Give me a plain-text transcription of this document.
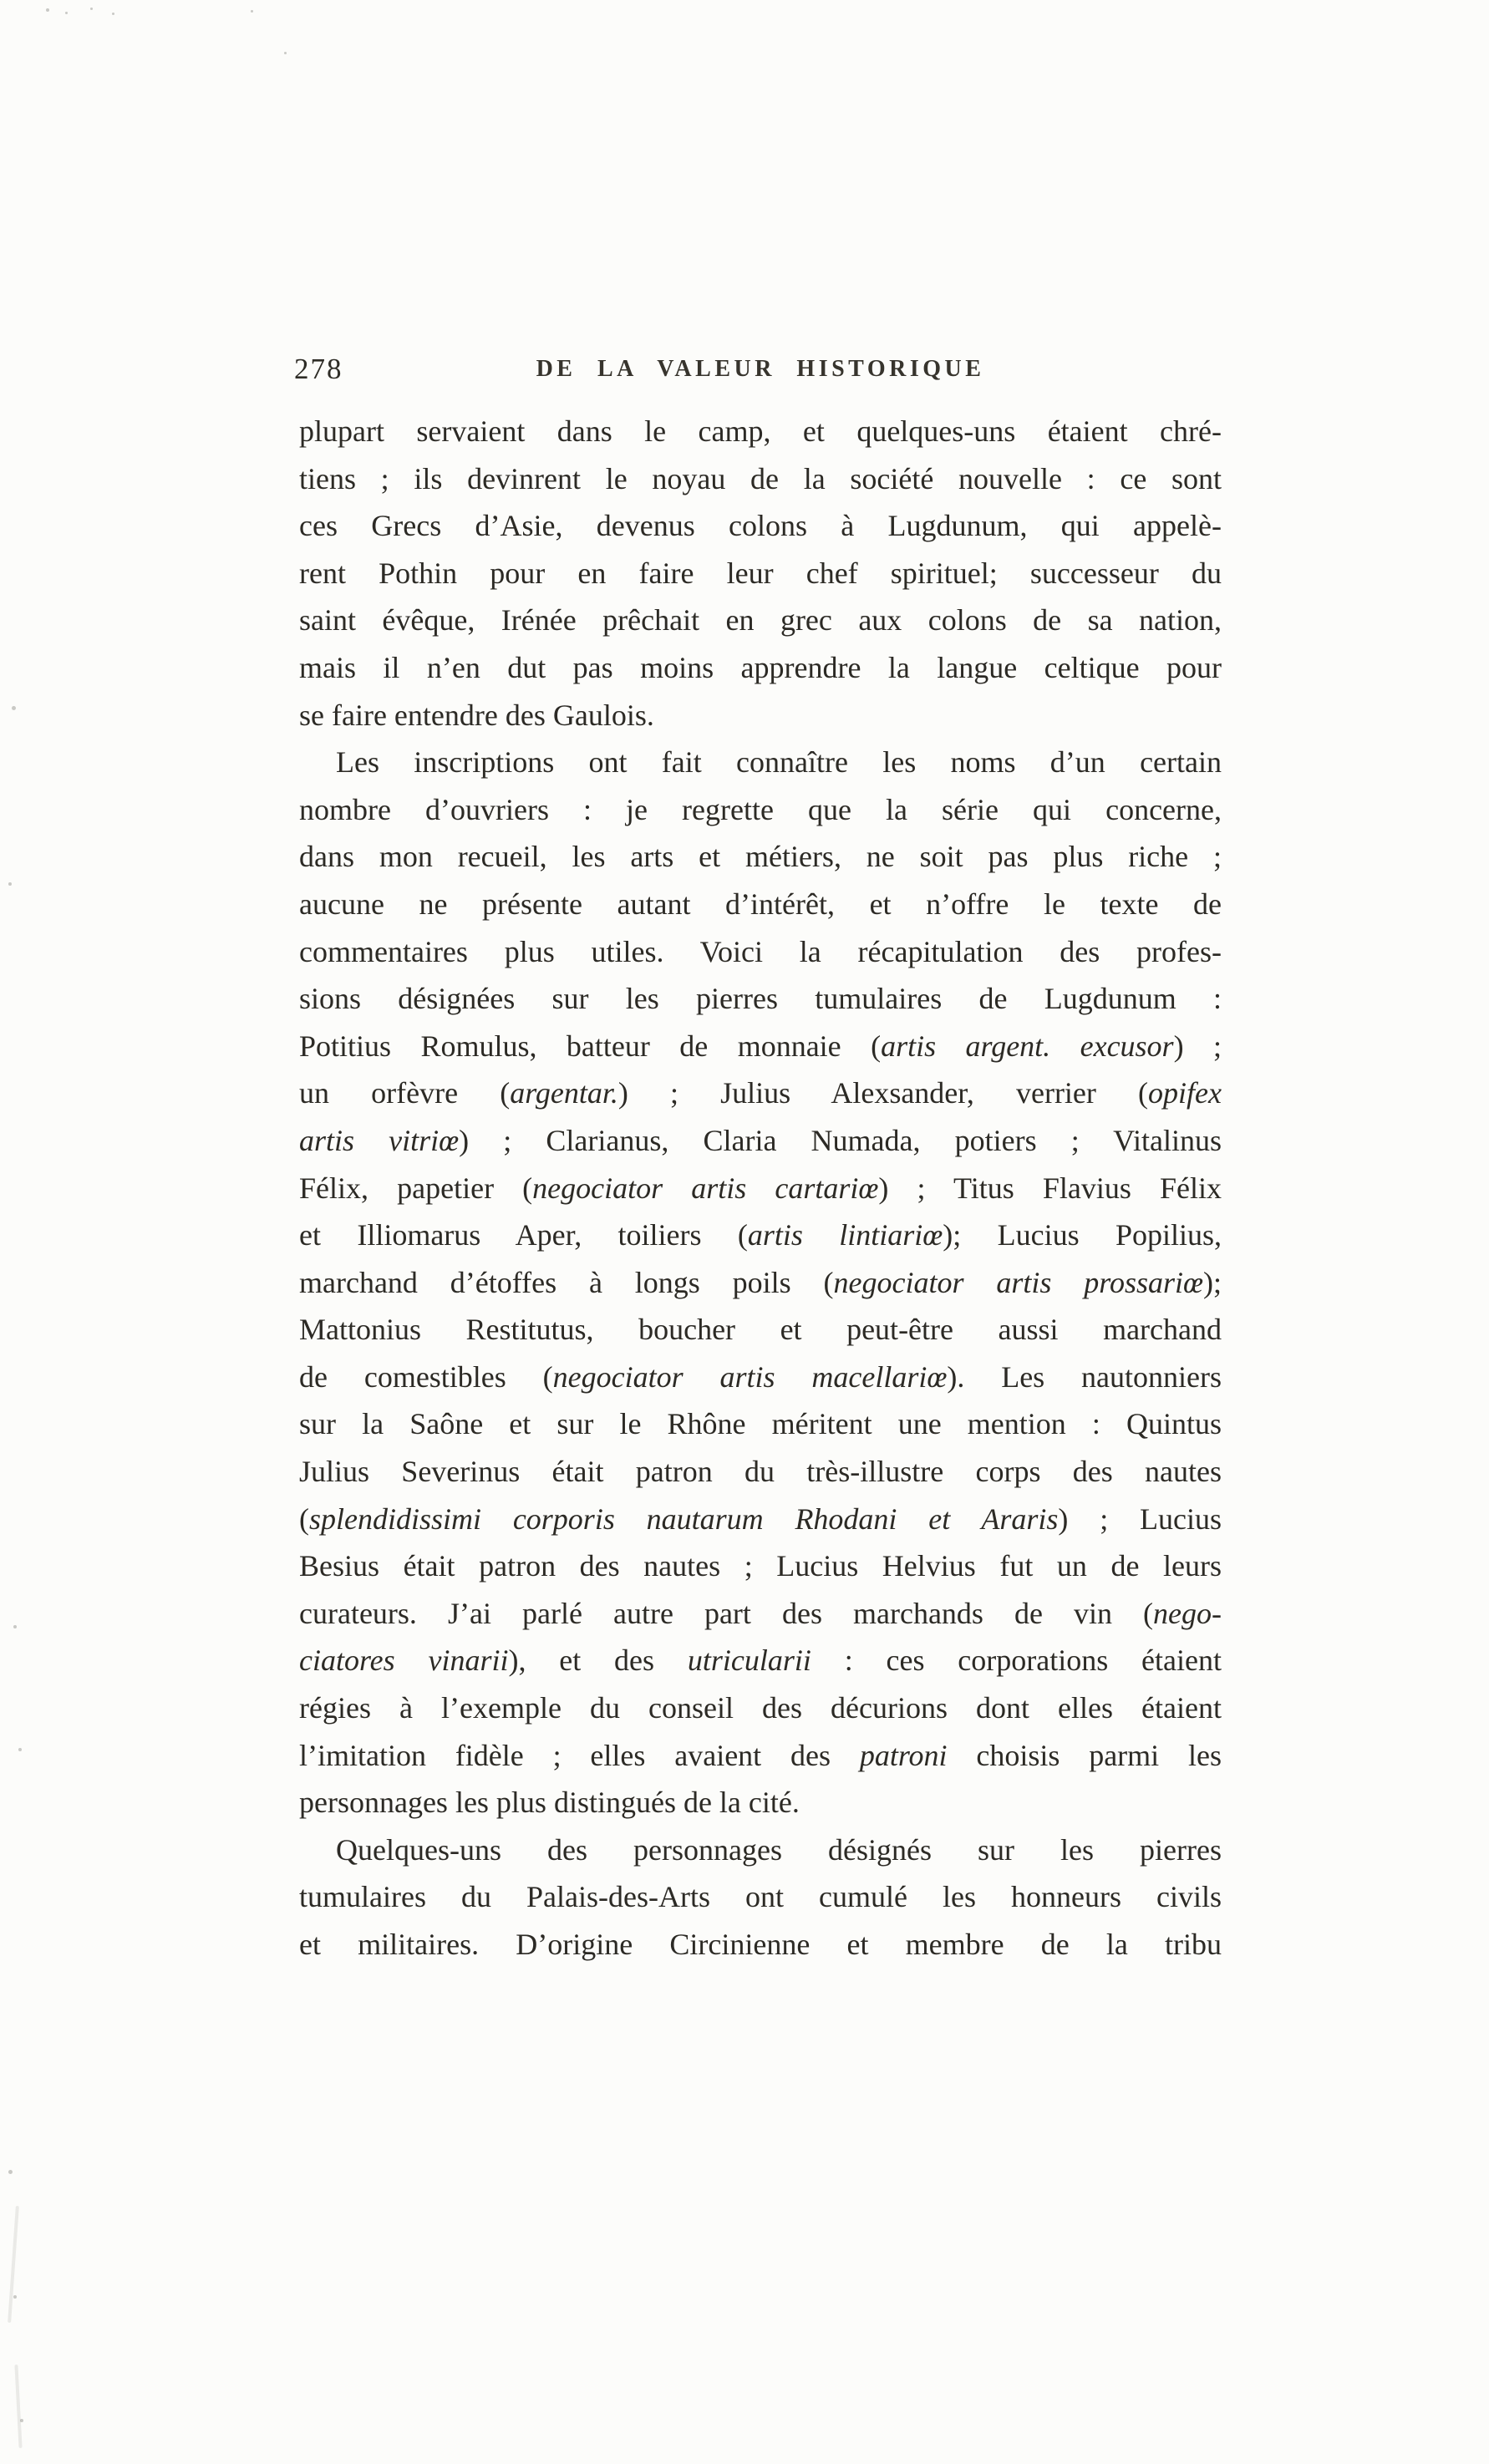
278	DE LA VALEUR HISTORIQUE
plupart servaient dans le camp, et quelques-uns étaient chré-
tiens ; ils devinrent le noyau de la société nouvelle : ce sont
ces Grecs d’Asie, devenus colons à Lugdunum, qui appelè-
rent Pothin pour en faire leur chef spirituel; successeur du
saint évêque, Irénée prêchait en grec aux colons de sa nation,
mais il n’en dut pas moins apprendre la langue celtique pour
se faire entendre des Gaulois.
Les inscriptions ont fait connaître les noms d’un certain
nombre d’ouvriers : je regrette que la série qui concerne,
dans mon recueil, les arts et métiers, ne soit pas plus riche ;
aucune ne présente autant d’intérêt, et n’offre le texte de
commentaires plus utiles. Voici la récapitulation des profes-
sions désignées sur les pierres tumulaires de Lugdunum :
Potitius Romulus, batteur de monnaie (artis argent. excusor) ;
un orfèvre (argentar.) ; Julius Alexsander, verrier (opifex
artis vitriœ) ; Clarianus, Claria Numada, potiers ; Vitalinus
Félix, papetier (negociator artis cartariœ) ; Titus Flavius Félix
et Illiomarus Aper, toiliers (artis lintiariœ); Lucius Popilius,
marchand d’étoffes à longs poils (negociator artis prossariœ);
Mattonius Restitutus, boucher et peut-être aussi marchand
de comestibles (negociator artis macellariœ). Les nautonniers
sur la Saône et sur le Rhône méritent une mention : Quintus
Julius Severinus était patron du très-illustre corps des nautes
(splendidissimi corporis nautarum Rhodani et Araris) ; Lucius
Besius était patron des nautes ; Lucius Helvius fut un de leurs
curateurs. J’ai parlé autre part des marchands de vin (nego-
ciatores vinarii), et des utricularii : ces corporations étaient
régies à l’exemple du conseil des décurions dont elles étaient
l’imitation fidèle ; elles avaient des patroni choisis parmi les
personnages les plus distingués de la cité.
Quelques-uns des personnages désignés sur les pierres
tumulaires du Palais-des-Arts ont cumulé les honneurs civils
et militaires. D’origine Circinienne et membre de la tribu
